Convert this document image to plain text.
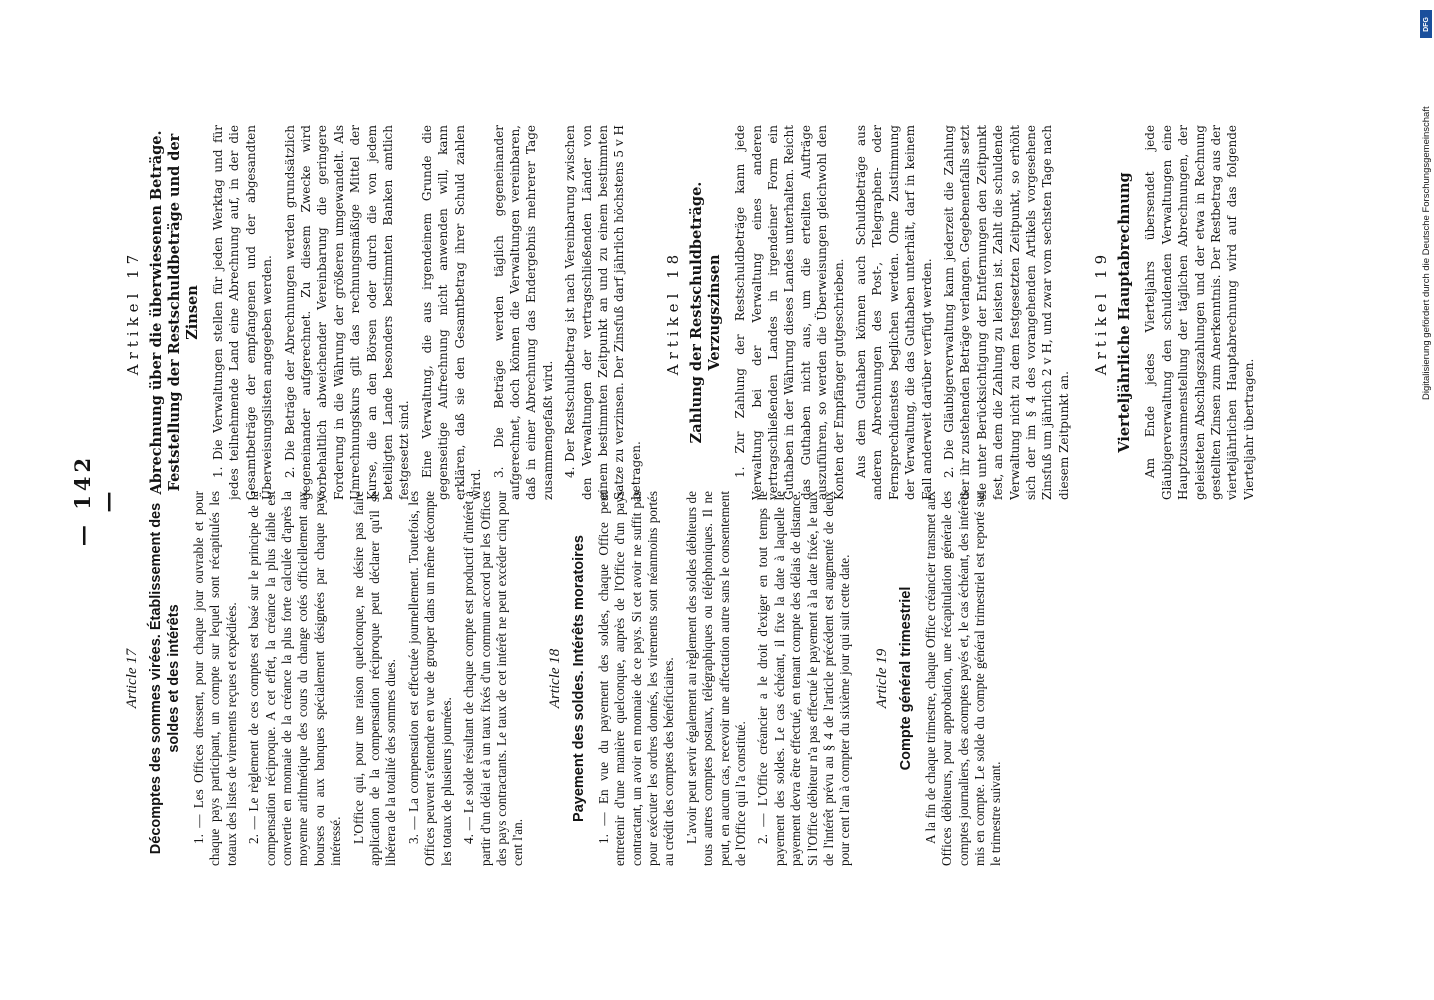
— 142 —
Article 17 Décomptes des sommes virées. Établissement des soldes et des intérêts 1. — Les Offices dressent, pour chaque jour ouvrable et pour chaque pays participant, un compte sur lequel sont récapitulés les totaux des listes de virements reçues et expédiées. 2. — Le règlement de ces comptes est basé sur le principe de la compensation réciproque. A cet effet, la créance la plus faible est convertie en monnaie de la créance la plus forte calculée d'après la moyenne arithmétique des cours du change cotés officiellement aux bourses ou aux banques spécialement désignées par chaque pays intéressé. L'Office qui, pour une raison quelconque, ne désire pas faire application de la compensation réciproque peut déclarer qu'il se libérera de la totalité des sommes dues. 3. — La compensation est effectuée journellement. Toutefois, les Offices peuvent s'entendre en vue de grouper dans un même décompte les totaux de plusieurs journées. 4. — Le solde résultant de chaque compte est productif d'intérêt à partir d'un délai et à un taux fixés d'un commun accord par les Offices des pays contractants. Le taux de cet intérêt ne peut excéder cinq pour cent l'an.

Article 18 Payement des soldes. Intérêts moratoires 1. — En vue du payement des soldes, chaque Office peut entretenir d'une manière quelconque, auprès de l'Office d'un pays contractant, un avoir en monnaie de ce pays. Si cet avoir ne suffit pas pour exécuter les ordres donnés, les virements sont néanmoins portés au crédit des comptes des bénéficiaires. L'avoir peut servir également au règlement des soldes débiteurs de tous autres comptes postaux, télégraphiques ou téléphoniques. Il ne peut, en aucun cas, recevoir une affectation autre sans le consentement de l'Office qui l'a constitué. 2. — L'Office créancier a le droit d'exiger en tout temps le payement des soldes. Le cas échéant, il fixe la date à laquelle le payement devra être effectué, en tenant compte des délais de distance. Si l'Office débiteur n'a pas effectué le payement à la date fixée, le taux de l'intérêt prévu au § 4 de l'article précédent est augmenté de deux pour cent l'an à compter du sixième jour qui suit cette date. Article 19 Compte général trimestriel A la fin de chaque trimestre, chaque Office créancier transmet aux Offices débiteurs, pour approbation, une récapitulation générale des comptes journaliers, des acomptes payés et, le cas échéant, des intérêts mis en compte. Le solde du compte général trimestriel est reporté sur le trimestre suivant.

Artikel 17 Abrechnung über die überwiesenen Beträge. Feststellung der Restschuldbeträge und der Zinsen 1. Die Verwaltungen stellen für jeden Werktag und für jedes teilnehmende Land eine Abrechnung auf, in der die Gesamtbeträge der empfangenen und der abgesandten Überweisungslisten angegeben werden. 2. Die Beträge der Abrechnungen werden grundsätzlich gegeneinander aufgerechnet. Zu diesem Zwecke wird vorbehaltlich abweichender Vereinbarung die geringere Forderung in die Währung der größeren umgewandelt. Als Umrechnungskurs gilt das rechnungsmäßige Mittel der Kurse, die an den Börsen oder durch die von jedem beteiligten Lande besonders bestimmten Banken amtlich festgesetzt sind. Eine Verwaltung, die aus irgendeinem Grunde die gegenseitige Aufrechnung nicht anwenden will, kann erklären, daß sie den Gesamtbetrag ihrer Schuld zahlen wird.

3. Die Beträge werden täglich gegeneinander aufgerechnet, doch können die Verwaltungen vereinbaren, daß in einer Abrechnung das Endergebnis mehrerer Tage zusammengefaßt wird. 4. Der Restschuldbetrag ist nach Vereinbarung zwischen den Verwaltungen der vertragschließenden Länder von einem bestimmten Zeitpunkt an und zu einem bestimmten Satze zu verzinsen. Der Zinsfuß darf jährlich höchstens 5 v H betragen.

Artikel 18 Zahlung der Restschuldbeträge. Verzugszinsen 1. Zur Zahlung der Restschuldbeträge kann jede Verwaltung bei der Verwaltung eines anderen vertragschließenden Landes in irgendeiner Form ein Guthaben in der Währung dieses Landes unterhalten. Reicht das Guthaben nicht aus, um die erteilten Aufträge auszuführen, so werden die Überweisungen gleichwohl den Konten der Empfänger gutgeschrieben. Aus dem Guthaben können auch Schuldbeträge aus anderen Abrechnungen des Post-, Telegraphen- oder Fernsprechdienstes beglichen werden. Ohne Zustimmung der Verwaltung, die das Guthaben unterhält, darf in keinem Fall anderweit darüber verfügt werden. 2. Die Gläubigerverwaltung kann jederzeit die Zahlung der ihr zustehenden Beträge verlangen. Gegebenenfalls setzt sie unter Berücksichtigung der Entfernungen den Zeitpunkt fest, an dem die Zahlung zu leisten ist. Zahlt die schuldende Verwaltung nicht zu dem festgesetzten Zeitpunkt, so erhöht sich der im § 4 des vorangehenden Artikels vorgesehene Zinsfuß um jährlich 2 v H, und zwar vom sechsten Tage nach diesem Zeitpunkt an.

Artikel 19 Vierteljährliche Hauptabrechnung Am Ende jedes Vierteljahrs übersendet jede Gläubigerverwaltung den schuldenden Verwaltungen eine Hauptzusammenstellung der täglichen Abrechnungen, der geleisteten Abschlagszahlungen und der etwa in Rechnung gestellten Zinsen zum Anerkenntnis. Der Restbetrag aus der vierteljährlichen Hauptabrechnung wird auf das folgende Vierteljahr übertragen.

DFG
Digitalisierung gefördert durch die Deutsche Forschungsgemeinschaft
